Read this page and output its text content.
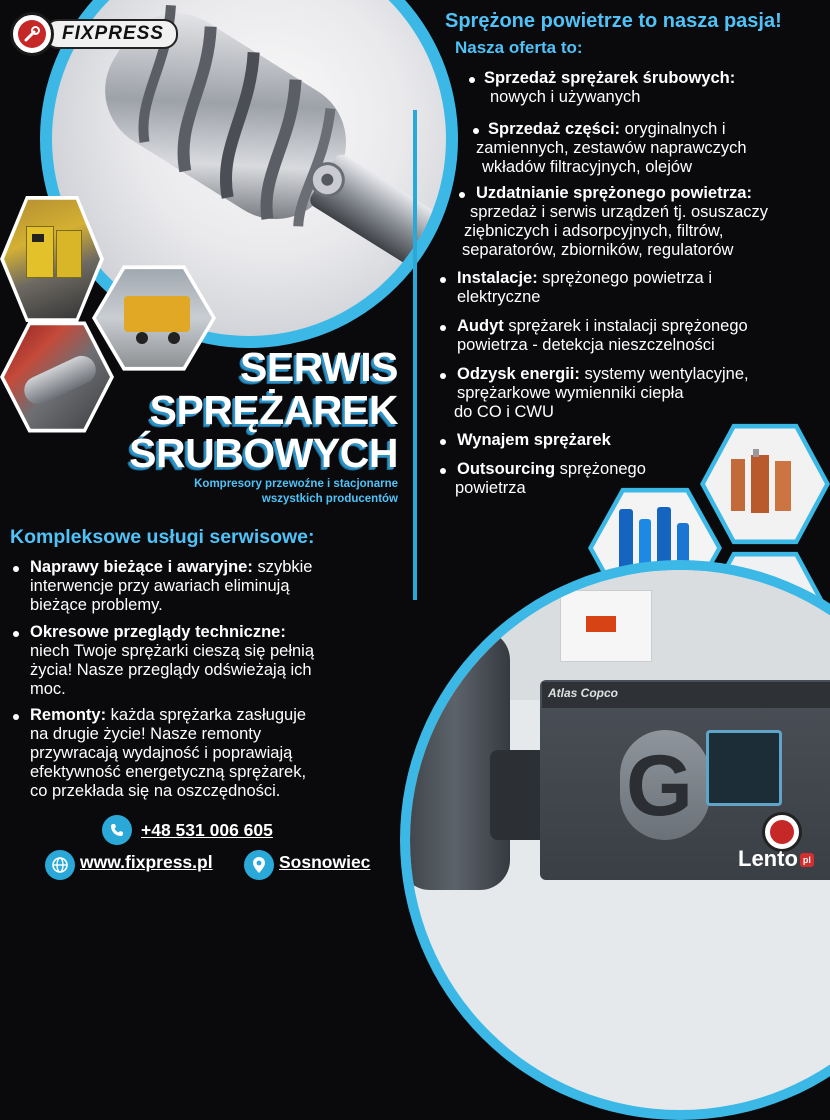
FIXPRESS
Sprężone powietrze to nasza pasja!
Nasza oferta to:
Sprzedaż sprężarek śrubowych:
nowych i używanych
Sprzedaż części: oryginalnych i
zamiennych, zestawów naprawczych
wkładów filtracyjnych, olejów
Uzdatnianie sprężonego powietrza:
sprzedaż i serwis urządzeń tj. osuszaczy
ziębniczych i adsorpcyjnych, filtrów,
separatorów, zbiorników, regulatorów
Instalacje: sprężonego powietrza i
elektryczne
Audyt sprężarek i instalacji sprężonego
powietrza - detekcja nieszczelności
Odzysk energii: systemy wentylacyjne,
sprężarkowe wymienniki ciepła
do CO i CWU
Wynajem sprężarek
Outsourcing sprężonego
powietrza
SERWIS
SPRĘŻAREK
ŚRUBOWYCH
Kompresory przewoźne i stacjonarne
wszystkich producentów
Kompleksowe usługi serwisowe:
Naprawy bieżące i awaryjne: szybkie
interwencje przy awariach eliminują
bieżące problemy.
Okresowe przeglądy techniczne:
niech Twoje sprężarki cieszą się pełnią
życia! Nasze przeglądy odświeżają ich
moc.
Remonty: każda sprężarka zasługuje
na drugie życie! Nasze remonty
przywracają wydajność i poprawiają
efektywność energetyczną sprężarek,
co przekłada się na oszczędności.
+48 531 006 605
www.fixpress.pl	Sosnowiec
Atlas Copco
G
Lento pl
